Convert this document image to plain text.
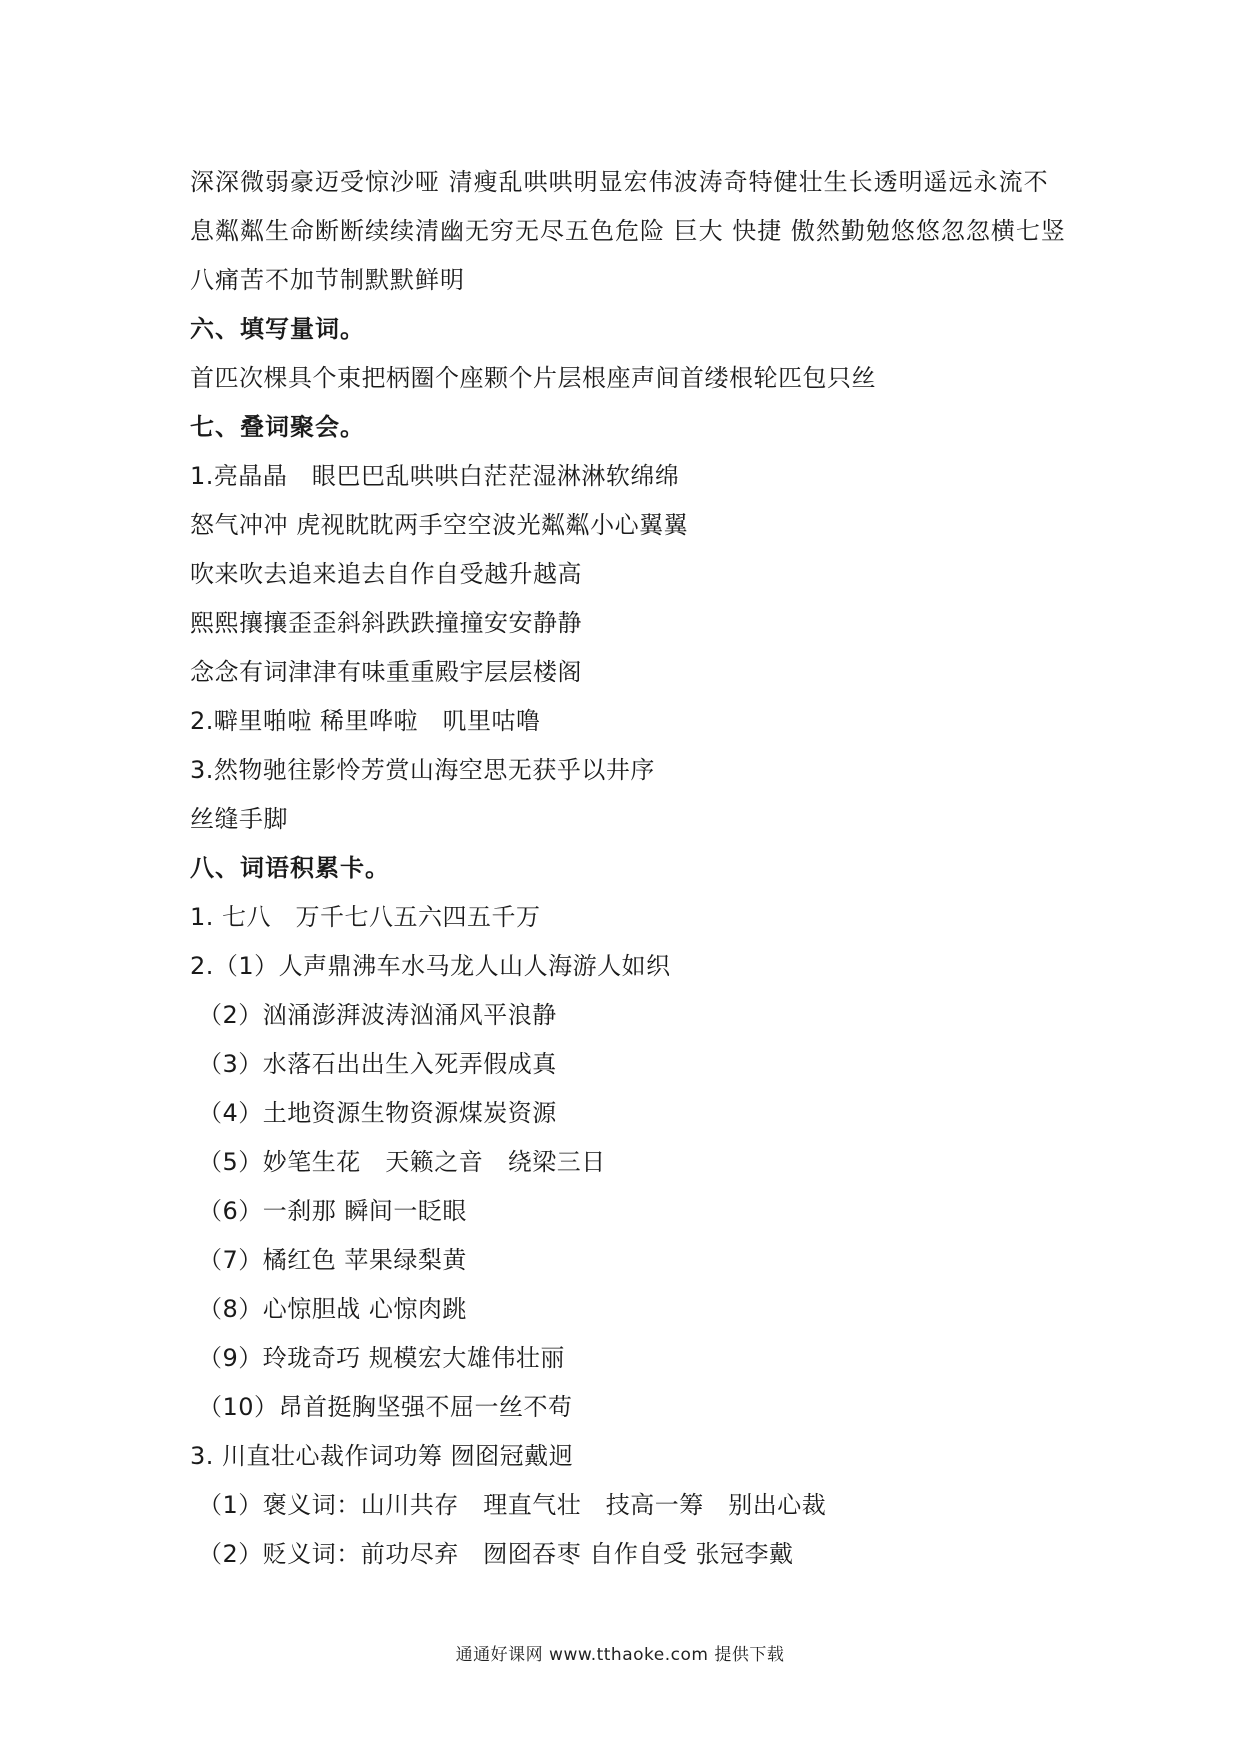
深深微弱豪迈受惊沙哑 清瘦乱哄哄明显宏伟波涛奇特健壮生长透明遥远永流不息粼粼生命断断续续清幽无穷无尽五色危险 巨大 快捷 傲然勤勉悠悠忽忽横七竖八痛苦不加节制默默鲜明
六、填写量词。
首匹次棵具个束把柄圈个座颗个片层根座声间首缕根轮匹包只丝
七、叠词聚会。
1.亮晶晶　眼巴巴乱哄哄白茫茫湿淋淋软绵绵
怒气冲冲 虎视眈眈两手空空波光粼粼小心翼翼
吹来吹去追来追去自作自受越升越高
熙熙攘攘歪歪斜斜跌跌撞撞安安静静
念念有词津津有味重重殿宇层层楼阁
2.噼里啪啦 稀里哗啦　叽里咕噜
3.然物驰往影怜芳赏山海空思无获乎以井序
丝缝手脚
八、词语积累卡。
1. 七八　万千七八五六四五千万
2.（1）人声鼎沸车水马龙人山人海游人如织
（2）汹涌澎湃波涛汹涌风平浪静
（3）水落石出出生入死弄假成真
（4）土地资源生物资源煤炭资源
（5）妙笔生花　天籁之音　绕梁三日
（6）一刹那 瞬间一眨眼
（7）橘红色 苹果绿梨黄
（8）心惊胆战 心惊肉跳
（9）玲珑奇巧 规模宏大雄伟壮丽
（10）昂首挺胸坚强不屈一丝不苟
3. 川直壮心裁作词功筹 囫囵冠戴迥
（1）褒义词：山川共存　理直气壮　技高一筹　别出心裁
（2）贬义词：前功尽弃　囫囵吞枣 自作自受 张冠李戴
通通好课网 www.tthaoke.com 提供下载
